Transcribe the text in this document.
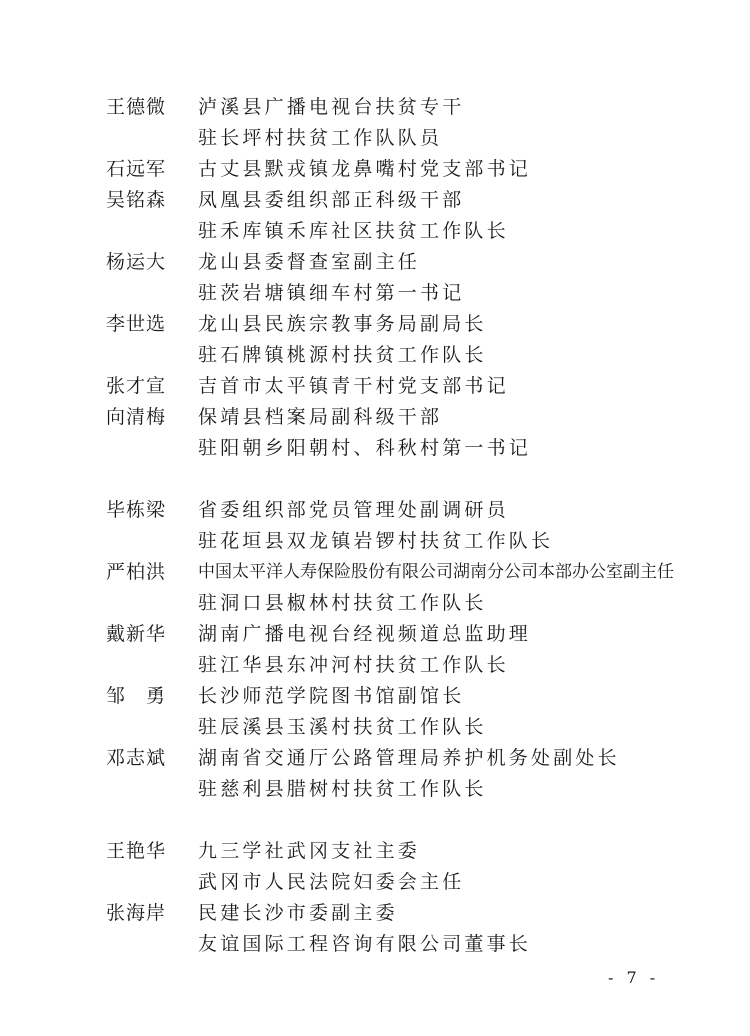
王德微	泸溪县广播电视台扶贫专干
驻长坪村扶贫工作队队员
石远军	古丈县默戎镇龙鼻嘴村党支部书记
吴铭森	凤凰县委组织部正科级干部
驻禾库镇禾库社区扶贫工作队长
杨运大	龙山县委督查室副主任
驻茨岩塘镇细车村第一书记
李世选	龙山县民族宗教事务局副局长
驻石牌镇桃源村扶贫工作队长
张才宣	吉首市太平镇青干村党支部书记
向清梅	保靖县档案局副科级干部
驻阳朝乡阳朝村、科秋村第一书记
毕栋梁	省委组织部党员管理处副调研员
驻花垣县双龙镇岩锣村扶贫工作队长
严柏洪	中国太平洋人寿保险股份有限公司湖南分公司本部办公室副主任
驻洞口县椒林村扶贫工作队长
戴新华	湖南广播电视台经视频道总监助理
驻江华县东冲河村扶贫工作队长
邹　勇	长沙师范学院图书馆副馆长
驻辰溪县玉溪村扶贫工作队长
邓志斌	湖南省交通厅公路管理局养护机务处副处长
驻慈利县腊树村扶贫工作队长
王艳华	九三学社武冈支社主委
武冈市人民法院妇委会主任
张海岸	民建长沙市委副主委
友谊国际工程咨询有限公司董事长
- 7 -
